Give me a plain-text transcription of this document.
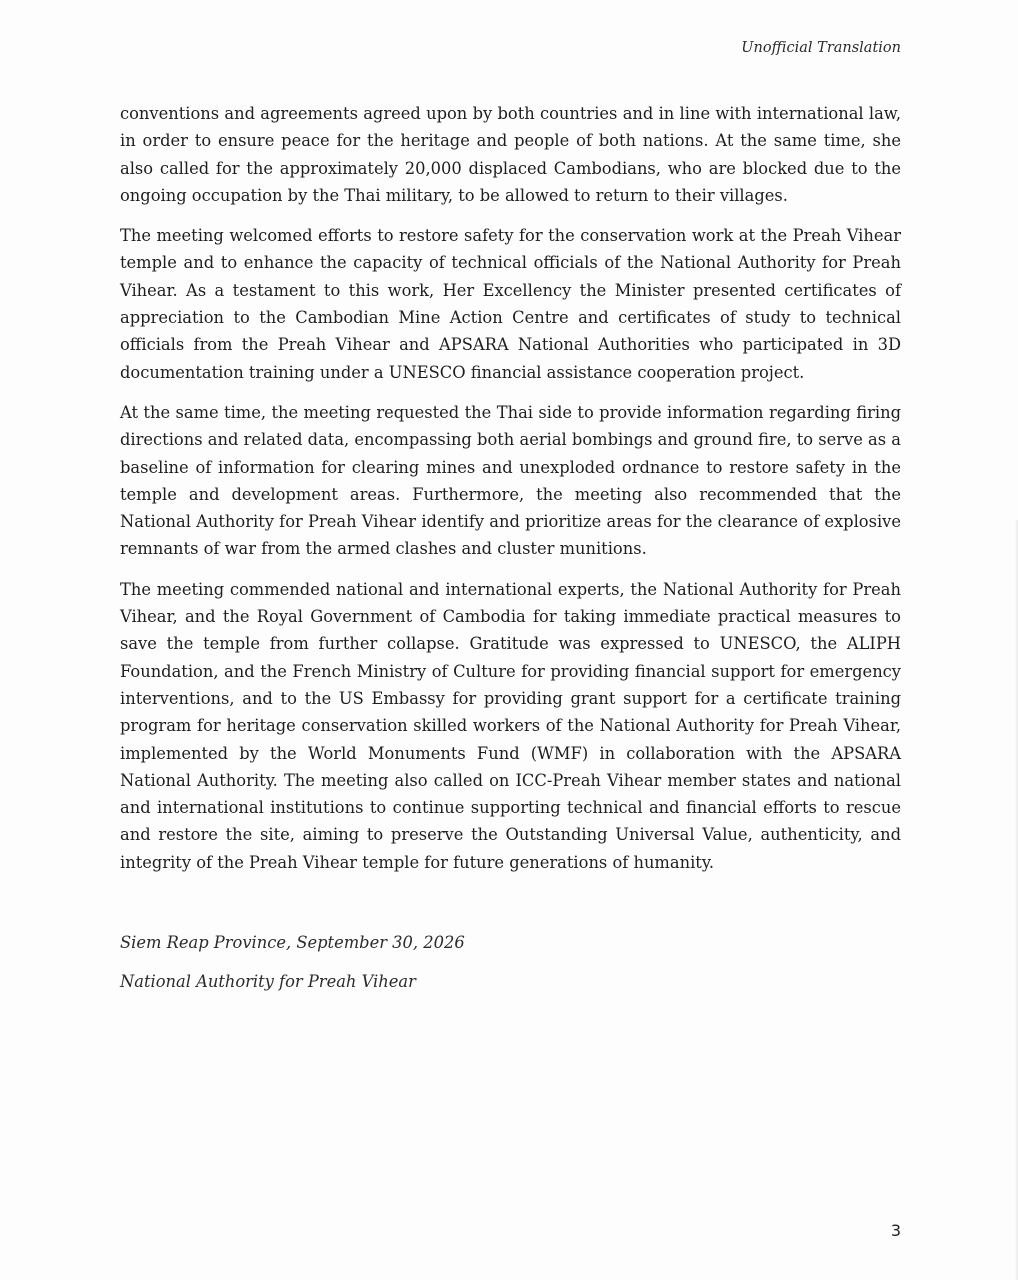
Unofficial Translation

conventions and agreements agreed upon by both countries and in line with international law, in order to ensure peace for the heritage and people of both nations. At the same time, she also called for the approximately 20,000 displaced Cambodians, who are blocked due to the ongoing occupation by the Thai military, to be allowed to return to their villages.

The meeting welcomed efforts to restore safety for the conservation work at the Preah Vihear temple and to enhance the capacity of technical officials of the National Authority for Preah Vihear. As a testament to this work, Her Excellency the Minister presented certificates of appreciation to the Cambodian Mine Action Centre and certificates of study to technical officials from the Preah Vihear and APSARA National Authorities who participated in 3D documentation training under a UNESCO financial assistance cooperation project.

At the same time, the meeting requested the Thai side to provide information regarding firing directions and related data, encompassing both aerial bombings and ground fire, to serve as a baseline of information for clearing mines and unexploded ordnance to restore safety in the temple and development areas. Furthermore, the meeting also recommended that the National Authority for Preah Vihear identify and prioritize areas for the clearance of explosive remnants of war from the armed clashes and cluster munitions.

The meeting commended national and international experts, the National Authority for Preah Vihear, and the Royal Government of Cambodia for taking immediate practical measures to save the temple from further collapse. Gratitude was expressed to UNESCO, the ALIPH Foundation, and the French Ministry of Culture for providing financial support for emergency interventions, and to the US Embassy for providing grant support for a certificate training program for heritage conservation skilled workers of the National Authority for Preah Vihear, implemented by the World Monuments Fund (WMF) in collaboration with the APSARA National Authority. The meeting also called on ICC-Preah Vihear member states and national and international institutions to continue supporting technical and financial efforts to rescue and restore the site, aiming to preserve the Outstanding Universal Value, authenticity, and integrity of the Preah Vihear temple for future generations of humanity.

Siem Reap Province, September 30, 2026
National Authority for Preah Vihear
3
